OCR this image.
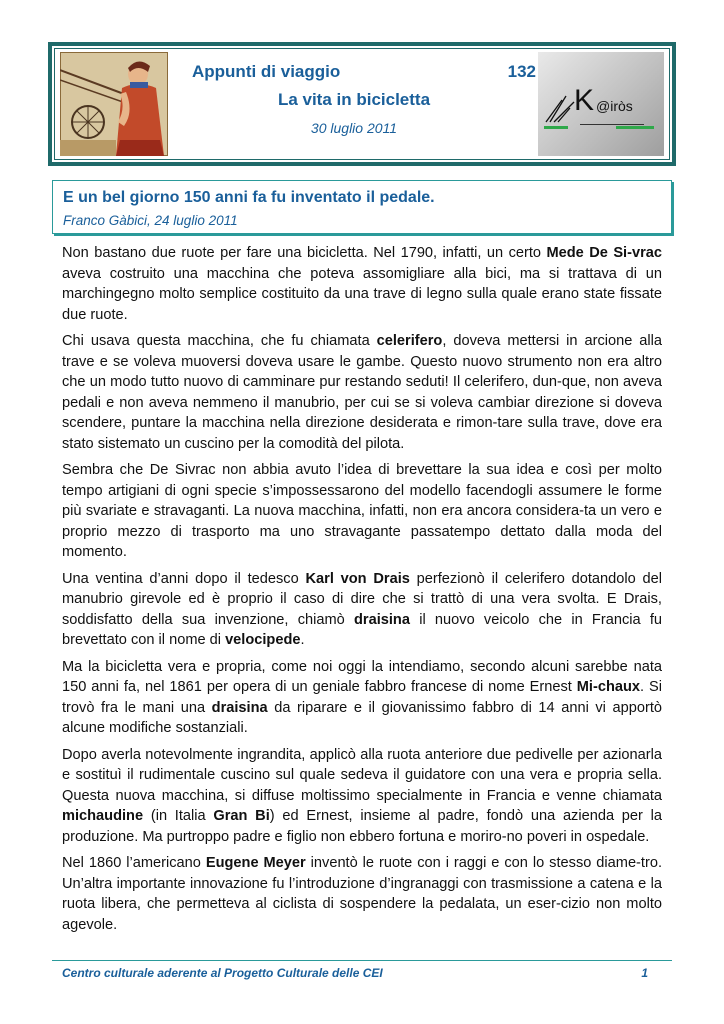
Appunti di viaggio	132
La vita in bicicletta
30 luglio 2011
K @iròs
E un bel giorno 150 anni fa fu inventato il pedale.
Franco Gàbici, 24 luglio 2011

Non bastano due ruote per fare una bicicletta. Nel 1790, infatti, un certo Mede De Si-vrac aveva costruito una macchina che poteva assomigliare alla bici, ma si trattava di un marchingegno molto semplice costituito da una trave di legno sulla quale erano state fissate due ruote.

Chi usava questa macchina, che fu chiamata celerifero, doveva mettersi in arcione alla trave e se voleva muoversi doveva usare le gambe. Questo nuovo strumento non era altro che un modo tutto nuovo di camminare pur restando seduti! Il celerifero, dun-que, non aveva pedali e non aveva nemmeno il manubrio, per cui se si voleva cambiar direzione si doveva scendere, puntare la macchina nella direzione desiderata e rimon-tare sulla trave, dove era stato sistemato un cuscino per la comodità del pilota.

Sembra che De Sivrac non abbia avuto l’idea di brevettare la sua idea e così per molto tempo artigiani di ogni specie s’impossessarono del modello facendogli assumere le forme più svariate e stravaganti. La nuova macchina, infatti, non era ancora considera-ta un vero e proprio mezzo di trasporto ma uno stravagante passatempo dettato dalla moda del momento.

Una ventina d’anni dopo il tedesco Karl von Drais perfezionò il celerifero dotandolo del manubrio girevole ed è proprio il caso di dire che si trattò di una vera svolta. E Drais, soddisfatto della sua invenzione, chiamò draisina il nuovo veicolo che in Francia fu brevettato con il nome di velocipede.

Ma la bicicletta vera e propria, come noi oggi la intendiamo, secondo alcuni sarebbe nata 150 anni fa, nel 1861 per opera di un geniale fabbro francese di nome Ernest Mi-chaux. Si trovò fra le mani una draisina da riparare e il giovanissimo fabbro di 14 anni vi apportò alcune modifiche sostanziali.

Dopo averla notevolmente ingrandita, applicò alla ruota anteriore due pedivelle per azionarla e sostituì il rudimentale cuscino sul quale sedeva il guidatore con una vera e propria sella. Questa nuova macchina, si diffuse moltissimo specialmente in Francia e venne chiamata michaudine (in Italia Gran Bi) ed Ernest, insieme al padre, fondò una azienda per la produzione. Ma purtroppo padre e figlio non ebbero fortuna e moriro-no poveri in ospedale.

Nel 1860 l’americano Eugene Meyer inventò le ruote con i raggi e con lo stesso diame-tro. Un’altra importante innovazione fu l’introduzione d’ingranaggi con trasmissione a catena e la ruota libera, che permetteva al ciclista di sospendere la pedalata, un eser-cizio non molto agevole.

Centro culturale aderente al Progetto Culturale delle CEI	1
